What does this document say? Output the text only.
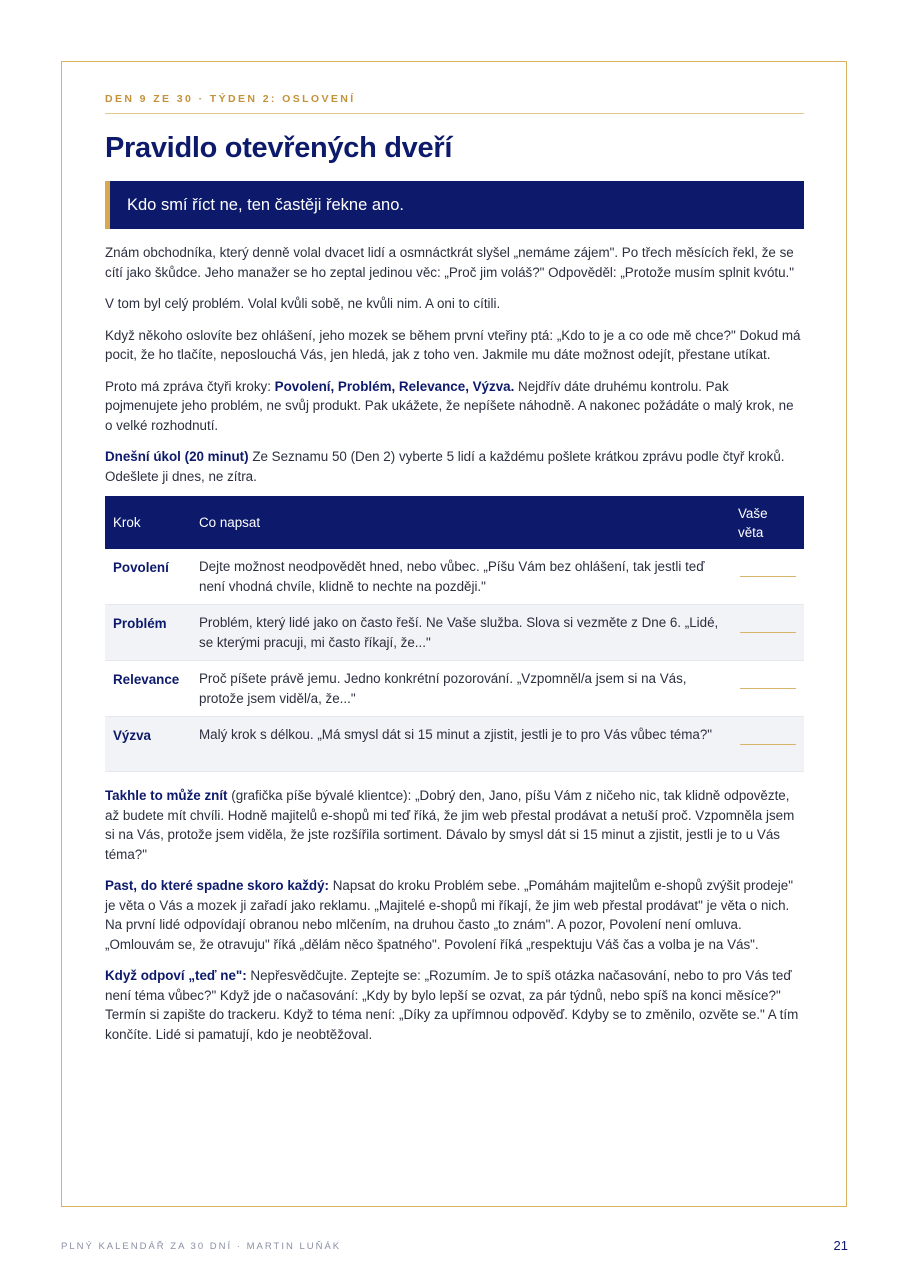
DEN 9 ZE 30 · TÝDEN 2: OSLOVENÍ
Pravidlo otevřených dveří
Kdo smí říct ne, ten častěji řekne ano.

Znám obchodníka, který denně volal dvacet lidí a osmnáctkrát slyšel „nemáme zájem". Po třech měsících řekl, že se cítí jako škůdce. Jeho manažer se ho zeptal jedinou věc: „Proč jim voláš?" Odpověděl: „Protože musím splnit kvótu."

V tom byl celý problém. Volal kvůli sobě, ne kvůli nim. A oni to cítili.

Když někoho oslovíte bez ohlášení, jeho mozek se během první vteřiny ptá: „Kdo to je a co ode mě chce?" Dokud má pocit, že ho tlačíte, neposlouchá Vás, jen hledá, jak z toho ven. Jakmile mu dáte možnost odejít, přestane utíkat.

Proto má zpráva čtyři kroky: Povolení, Problém, Relevance, Výzva. Nejdřív dáte druhému kontrolu. Pak pojmenujete jeho problém, ne svůj produkt. Pak ukážete, že nepíšete náhodně. A nakonec požádáte o malý krok, ne o velké rozhodnutí.

Dnešní úkol (20 minut) Ze Seznamu 50 (Den 2) vyberte 5 lidí a každému pošlete krátkou zprávu podle čtyř kroků. Odešlete ji dnes, ne zítra.

Krok	Co napsat	Vaše věta
Povolení	Dejte možnost neodpovědět hned, nebo vůbec. „Píšu Vám bez ohlášení, tak jestli teď není vhodná chvíle, klidně to nechte na později."	

Problém	Problém, který lidé jako on často řeší. Ne Vaše služba. Slova si vezměte z Dne 6. „Lidé, se kterými pracuji, mi často říkají, že..."	

Relevance	Proč píšete právě jemu. Jedno konkrétní pozorování. „Vzpomněl/a jsem si na Vás, protože jsem viděl/a, že..."	

Výzva	Malý krok s délkou. „Má smysl dát si 15 minut a zjistit, jestli je to pro Vás vůbec téma?"	

Takhle to může znít (grafička píše bývalé klientce): „Dobrý den, Jano, píšu Vám z ničeho nic, tak klidně odpovězte, až budete mít chvíli. Hodně majitelů e-shopů mi teď říká, že jim web přestal prodávat a netuší proč. Vzpomněla jsem si na Vás, protože jsem viděla, že jste rozšířila sortiment. Dávalo by smysl dát si 15 minut a zjistit, jestli je to u Vás téma?"

Past, do které spadne skoro každý: Napsat do kroku Problém sebe. „Pomáhám majitelům e-shopů zvýšit prodeje" je věta o Vás a mozek ji zařadí jako reklamu. „Majitelé e-shopů mi říkají, že jim web přestal prodávat" je věta o nich. Na první lidé odpovídají obranou nebo mlčením, na druhou často „to znám". A pozor, Povolení není omluva. „Omlouvám se, že otravuju" říká „dělám něco špatného". Povolení říká „respektuju Váš čas a volba je na Vás".

Když odpoví „teď ne": Nepřesvědčujte. Zeptejte se: „Rozumím. Je to spíš otázka načasování, nebo to pro Vás teď není téma vůbec?" Když jde o načasování: „Kdy by bylo lepší se ozvat, za pár týdnů, nebo spíš na konci měsíce?" Termín si zapište do trackeru. Když to téma není: „Díky za upřímnou odpověď. Kdyby se to změnilo, ozvěte se." A tím končíte. Lidé si pamatují, kdo je neobtěžoval.

PLNÝ KALENDÁŘ ZA 30 DNÍ · MARTIN LUŇÁK	21
